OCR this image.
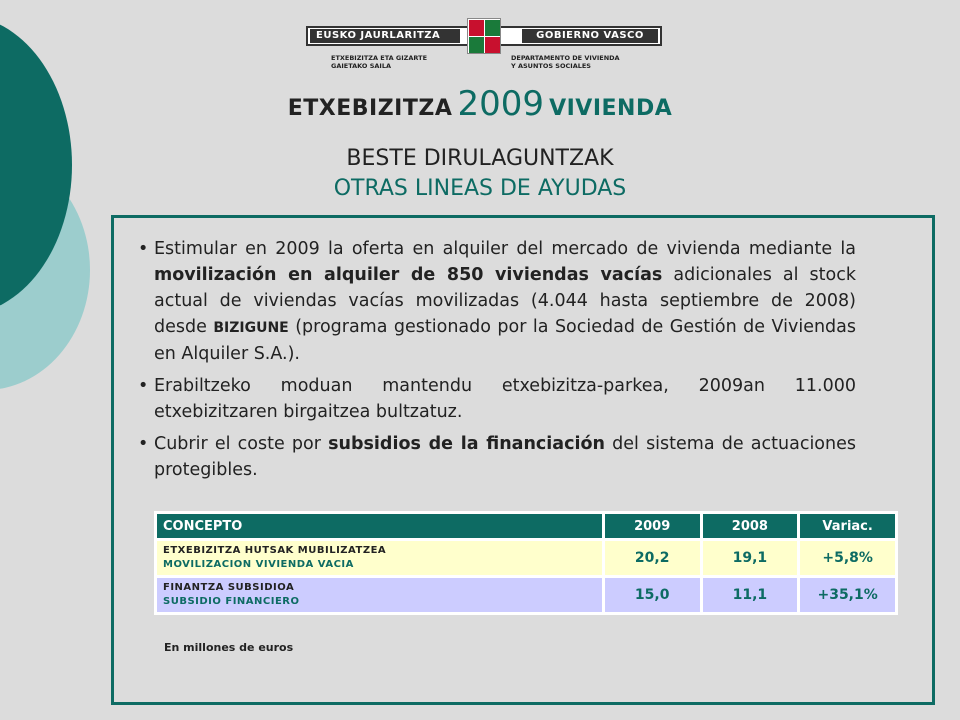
EUSKO JAURLARITZA	GOBIERNO VASCO
ETXEBIZITZA ETA GIZARTE
GAIETAKO SAILA
DEPARTAMENTO DE VIVIENDA
Y ASUNTOS SOCIALES
ETXEBIZITZA 2009 VIVIENDA
BESTE DIRULAGUNTZAK
OTRAS LINEAS DE AYUDAS
• Estimular en 2009 la oferta en alquiler del mercado de vivienda mediante la movilización en alquiler de 850 viviendas vacías adicionales al stock actual de viviendas vacías movilizadas (4.044 hasta septiembre de 2008) desde BIZIGUNE (programa gestionado por la Sociedad de Gestión de Viviendas en Alquiler S.A.).
• Erabiltzeko moduan mantendu etxebizitza-parkea, 2009an 11.000 etxebizitzaren birgaitzea bultzatuz.
• Cubrir el coste por subsidios de la financiación del sistema de actuaciones protegibles.
CONCEPTO	2009	2008	Variac.

ETXEBIZITZA HUTSAK MUBILIZATZEA
MOVILIZACION VIVIENDA VACIA	20,2	19,1	+5,8%

FINANTZA SUBSIDIOA
SUBSIDIO FINANCIERO	15,0	11,1	+35,1%
En millones de euros
